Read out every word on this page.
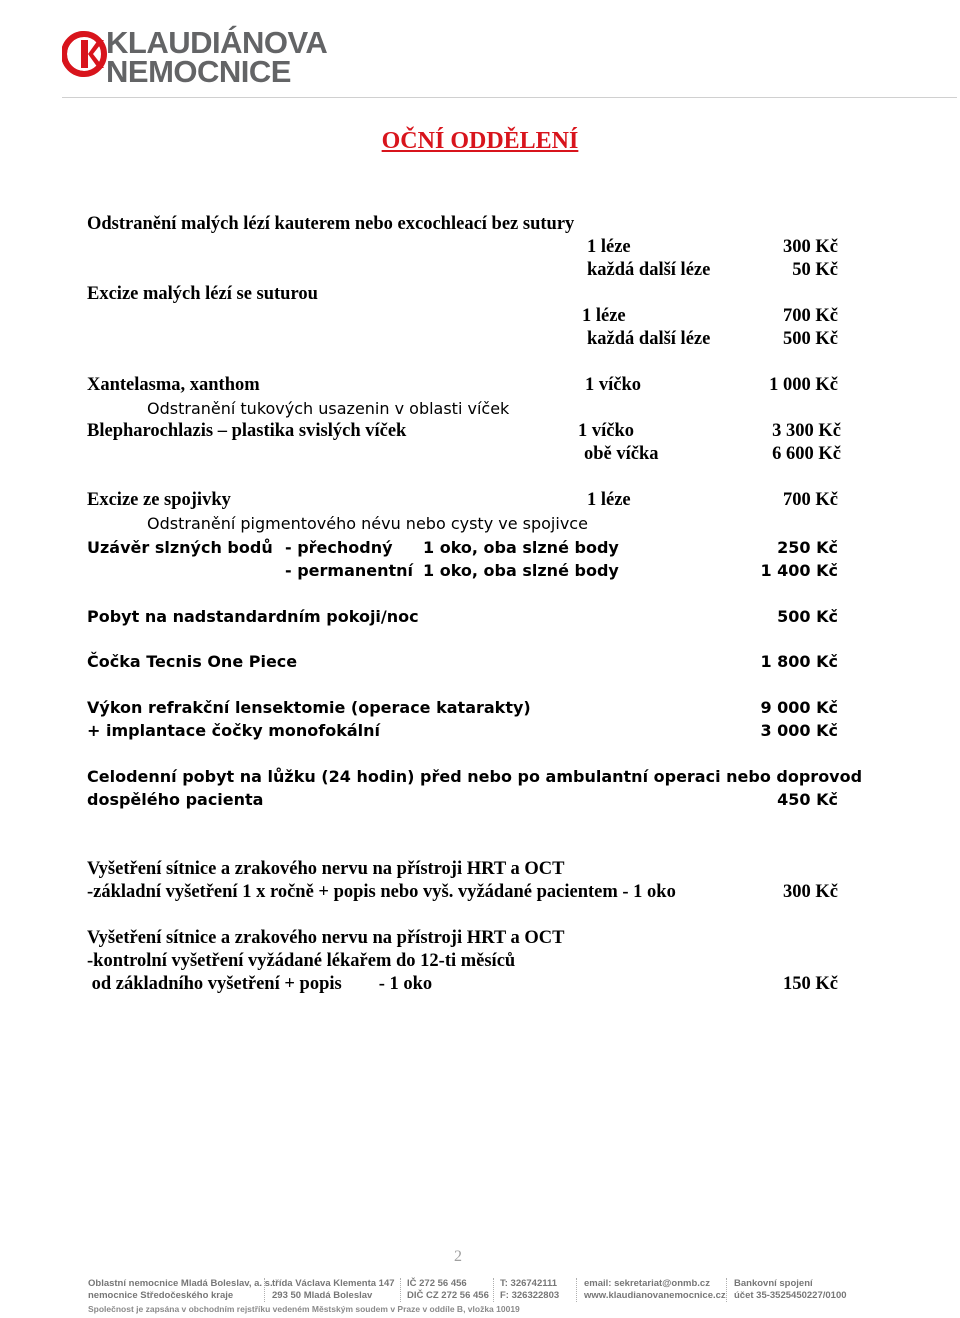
KLAUDIÁNOVA
NEMOCNICE
OČNÍ ODDĚLENÍ
Odstranění malých lézí kauterem nebo excochleací bez sutury
1 léze	300 Kč
každá další léze	50 Kč
Excize malých lézí se suturou
1 léze	700 Kč
každá další léze	500 Kč
Xantelasma, xanthom	1 víčko	1 000 Kč
Odstranění tukových usazenin v oblasti víček
Blepharochlazis – plastika svislých víček	1 víčko	3 300 Kč
obě víčka	6 600 Kč
Excize ze spojivky	1 léze	700 Kč
Odstranění pigmentového névu nebo cysty ve spojivce
Uzávěr slzných bodů - přechodný 1 oko, oba slzné body	250 Kč
- permanentní 1 oko, oba slzné body	1 400 Kč
Pobyt na nadstandardním pokoji/noc	500 Kč
Čočka Tecnis One Piece	1 800 Kč
Výkon refrakční lensektomie (operace katarakty)	9 000 Kč
+ implantace čočky monofokální	3 000 Kč
Celodenní pobyt na lůžku (24 hodin) před nebo po ambulantní operaci nebo doprovod
dospělého pacienta	450 Kč
Vyšetření sítnice a zrakového nervu na přístroji HRT a OCT
-základní vyšetření 1 x ročně + popis nebo vyš. vyžádané pacientem - 1 oko	300 Kč
Vyšetření sítnice a zrakového nervu na přístroji HRT a OCT
-kontrolní vyšetření vyžádané lékařem do 12-ti měsíců
od základního vyšetření + popis        - 1 oko	150 Kč
2
Oblastní nemocnice Mladá Boleslav, a. s.
nemocnice Středočeského kraje
třída Václava Klementa 147
293 50 Mladá Boleslav
IČ 272 56 456
DIČ CZ 272 56 456
T: 326742111
F: 326322803
email: sekretariat@onmb.cz
www.klaudianovanemocnice.cz
Bankovní spojení
účet 35-3525450227/0100
Společnost je zapsána v obchodním rejstříku vedeném Městským soudem v Praze v oddíle B, vložka 10019
